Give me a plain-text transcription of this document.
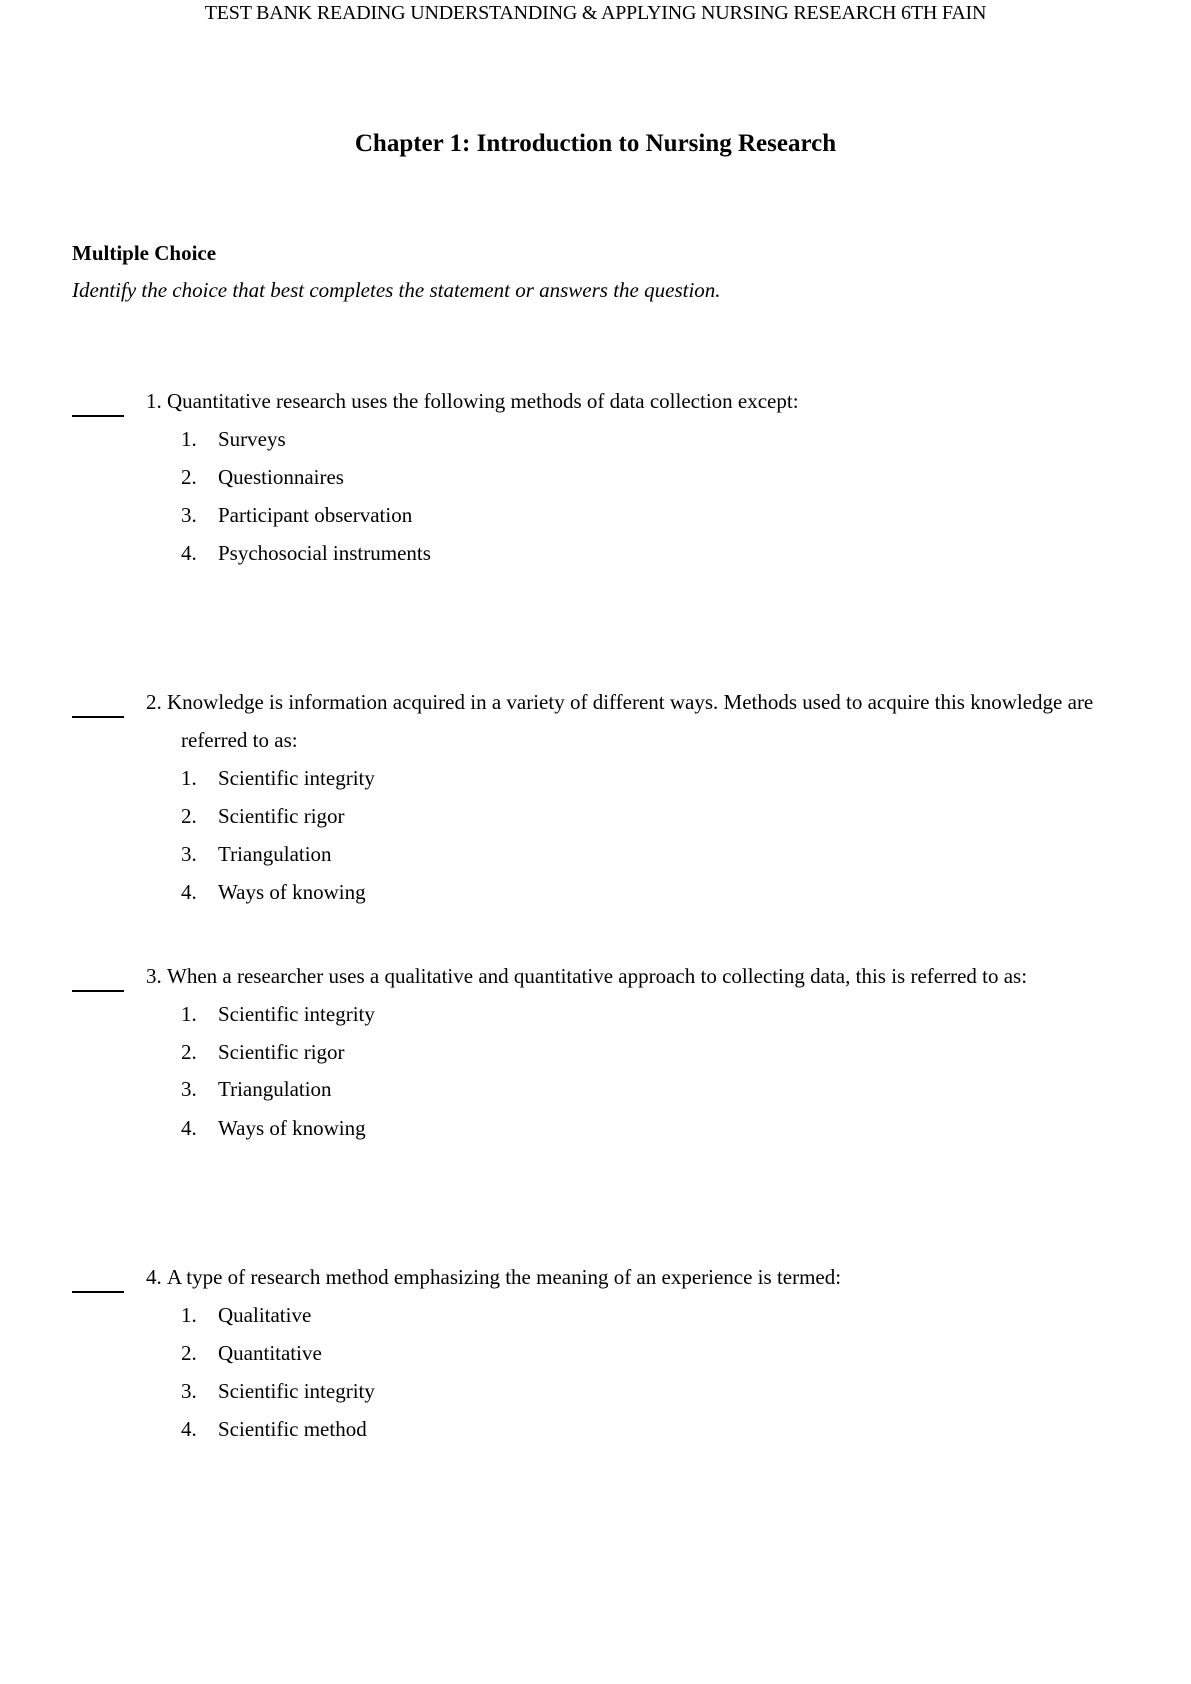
TEST BANK READING UNDERSTANDING & APPLYING NURSING RESEARCH 6TH FAIN
Chapter 1: Introduction to Nursing Research
Multiple Choice
Identify the choice that best completes the statement or answers the question.
1. Quantitative research uses the following methods of data collection except:
1. Surveys
2. Questionnaires
3. Participant observation
4. Psychosocial instruments
2. Knowledge is information acquired in a variety of different ways. Methods used to acquire this knowledge are
referred to as:
1. Scientific integrity
2. Scientific rigor
3. Triangulation
4. Ways of knowing
3. When a researcher uses a qualitative and quantitative approach to collecting data, this is referred to as:
1. Scientific integrity
2. Scientific rigor
3. Triangulation
4. Ways of knowing
4. A type of research method emphasizing the meaning of an experience is termed:
1. Qualitative
2. Quantitative
3. Scientific integrity
4. Scientific method
